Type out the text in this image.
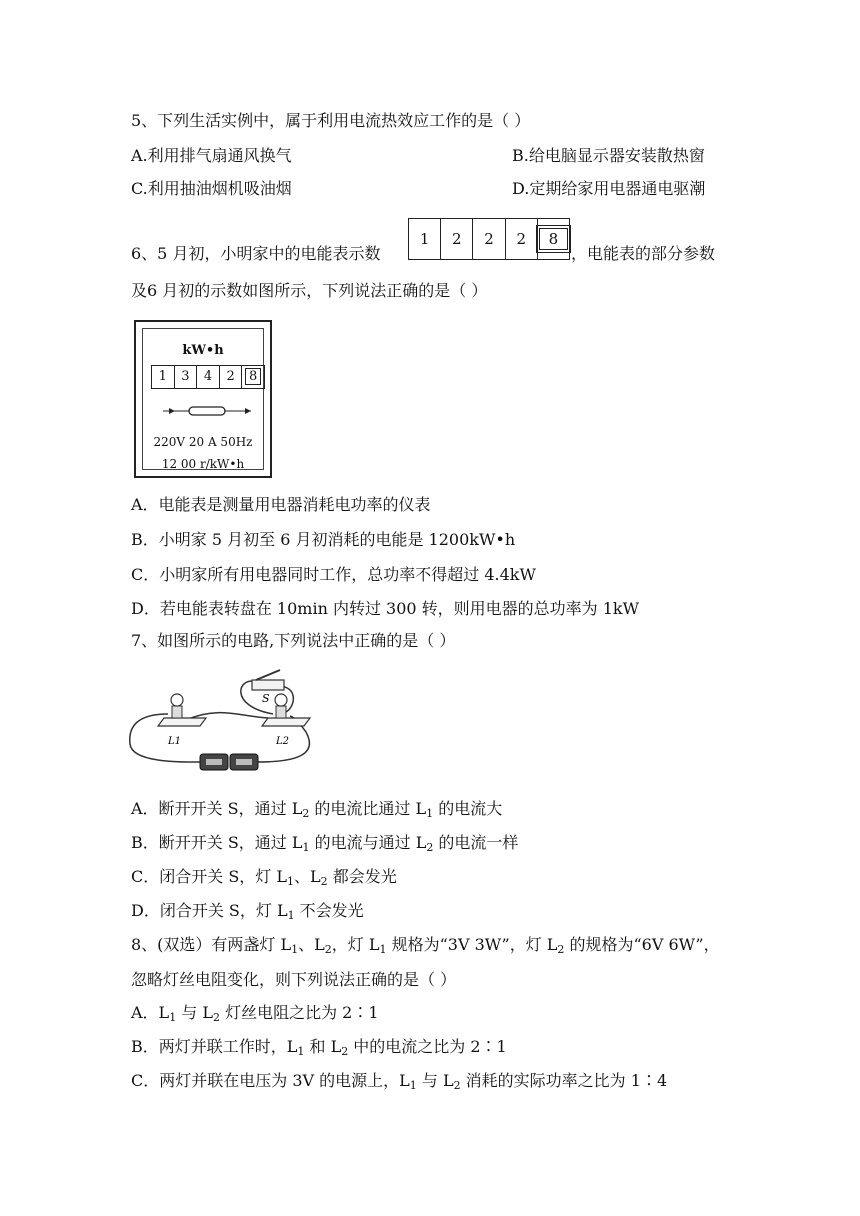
5、下列生活实例中，属于利用电流热效应工作的是（ ）
A.利用排气扇通风换气	B.给电脑显示器安装散热窗
C.利用抽油烟机吸油烟	D.定期给家用电器通电驱潮
6、5 月初，小明家中的电能表示数
1	2	2	2	8
，电能表的部分参数
及6 月初的示数如图所示，下列说法正确的是（ ）
kW•h
1	3	4	2	8
220V 20 A 50Hz
12 00 r/kW•h
A．电能表是测量用电器消耗电功率的仪表
B．小明家 5 月初至 6 月初消耗的电能是 1200kW•h
C．小明家所有用电器同时工作，总功率不得超过 4.4kW
D．若电能表转盘在 10min 内转过 300 转，则用电器的总功率为 1kW
7、如图所示的电路,下列说法中正确的是（ ）
S
L1	L2
A．断开开关 S，通过 $L_2$ 的电流比通过 $L_1$ 的电流大
B．断开开关 S，通过 $L_1$ 的电流与通过 $L_2$ 的电流一样
C．闭合开关 S，灯 $L_1$、$L_2$ 都会发光
D．闭合开关 S，灯 $L_1$ 不会发光
8、(双选）有两盏灯 $L_1$、$L_2$，灯 $L_1$ 规格为“3V 3W”，灯 $L_2$ 的规格为“6V 6W”，
忽略灯丝电阻变化，则下列说法正确的是（ ）
A．$L_1$ 与 $L_2$ 灯丝电阻之比为 2∶1
B．两灯并联工作时，$L_1$ 和 $L_2$ 中的电流之比为 2∶1
C．两灯并联在电压为 3V 的电源上，$L_1$ 与 $L_2$ 消耗的实际功率之比为 1∶4
